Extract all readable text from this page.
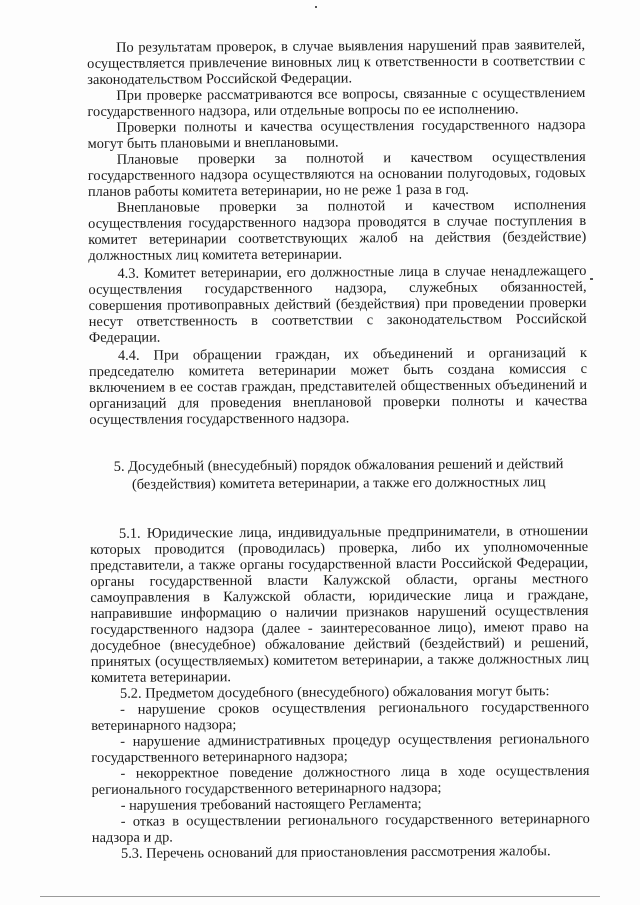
По результатам проверок, в случае выявления нарушений прав заявителей, осуществляется привлечение виновных лиц к ответственности в соответствии с законодательством Российской Федерации.

При проверке рассматриваются все вопросы, связанные с осуществлением государственного надзора, или отдельные вопросы по ее исполнению.

Проверки полноты и качества осуществления государственного надзора могут быть плановыми и внеплановыми.

Плановые проверки за полнотой и качеством осуществления государственного надзора осуществляются на основании полугодовых, годовых планов работы комитета ветеринарии, но не реже 1 раза в год.

Внеплановые проверки за полнотой и качеством исполнения осуществления государственного надзора проводятся в случае поступления в комитет ветеринарии соответствующих жалоб на действия (бездействие) должностных лиц комитета ветеринарии.

4.3. Комитет ветеринарии, его должностные лица в случае ненадлежащего осуществления государственного надзора, служебных обязанностей, совершения противоправных действий (бездействия) при проведении проверки несут ответственность в соответствии с законодательством Российской Федерации.

4.4. При обращении граждан, их объединений и организаций к председателю комитета ветеринарии может быть создана комиссия с включением в ее состав граждан, представителей общественных объединений и организаций для проведения внеплановой проверки полноты и качества осуществления государственного надзора.

5. Досудебный (внесудебный) порядок обжалования решений и действий (бездействия) комитета ветеринарии, а также его должностных лиц

5.1. Юридические лица, индивидуальные предприниматели, в отношении которых проводится (проводилась) проверка, либо их уполномоченные представители, а также органы государственной власти Российской Федерации, органы государственной власти Калужской области, органы местного самоуправления в Калужской области, юридические лица и граждане, направившие информацию о наличии признаков нарушений осуществления государственного надзора (далее - заинтересованное лицо), имеют право на досудебное (внесудебное) обжалование действий (бездействий) и решений, принятых (осуществляемых) комитетом ветеринарии, а также должностных лиц комитета ветеринарии.

5.2. Предметом досудебного (внесудебного) обжалования могут быть:

- нарушение сроков осуществления регионального государственного ветеринарного надзора;

- нарушение административных процедур осуществления регионального государственного ветеринарного надзора;

- некорректное поведение должностного лица в ходе осуществления регионального государственного ветеринарного надзора;

- нарушения требований настоящего Регламента;

- отказ в осуществлении регионального государственного ветеринарного надзора и др.

5.3. Перечень оснований для приостановления рассмотрения жалобы.
